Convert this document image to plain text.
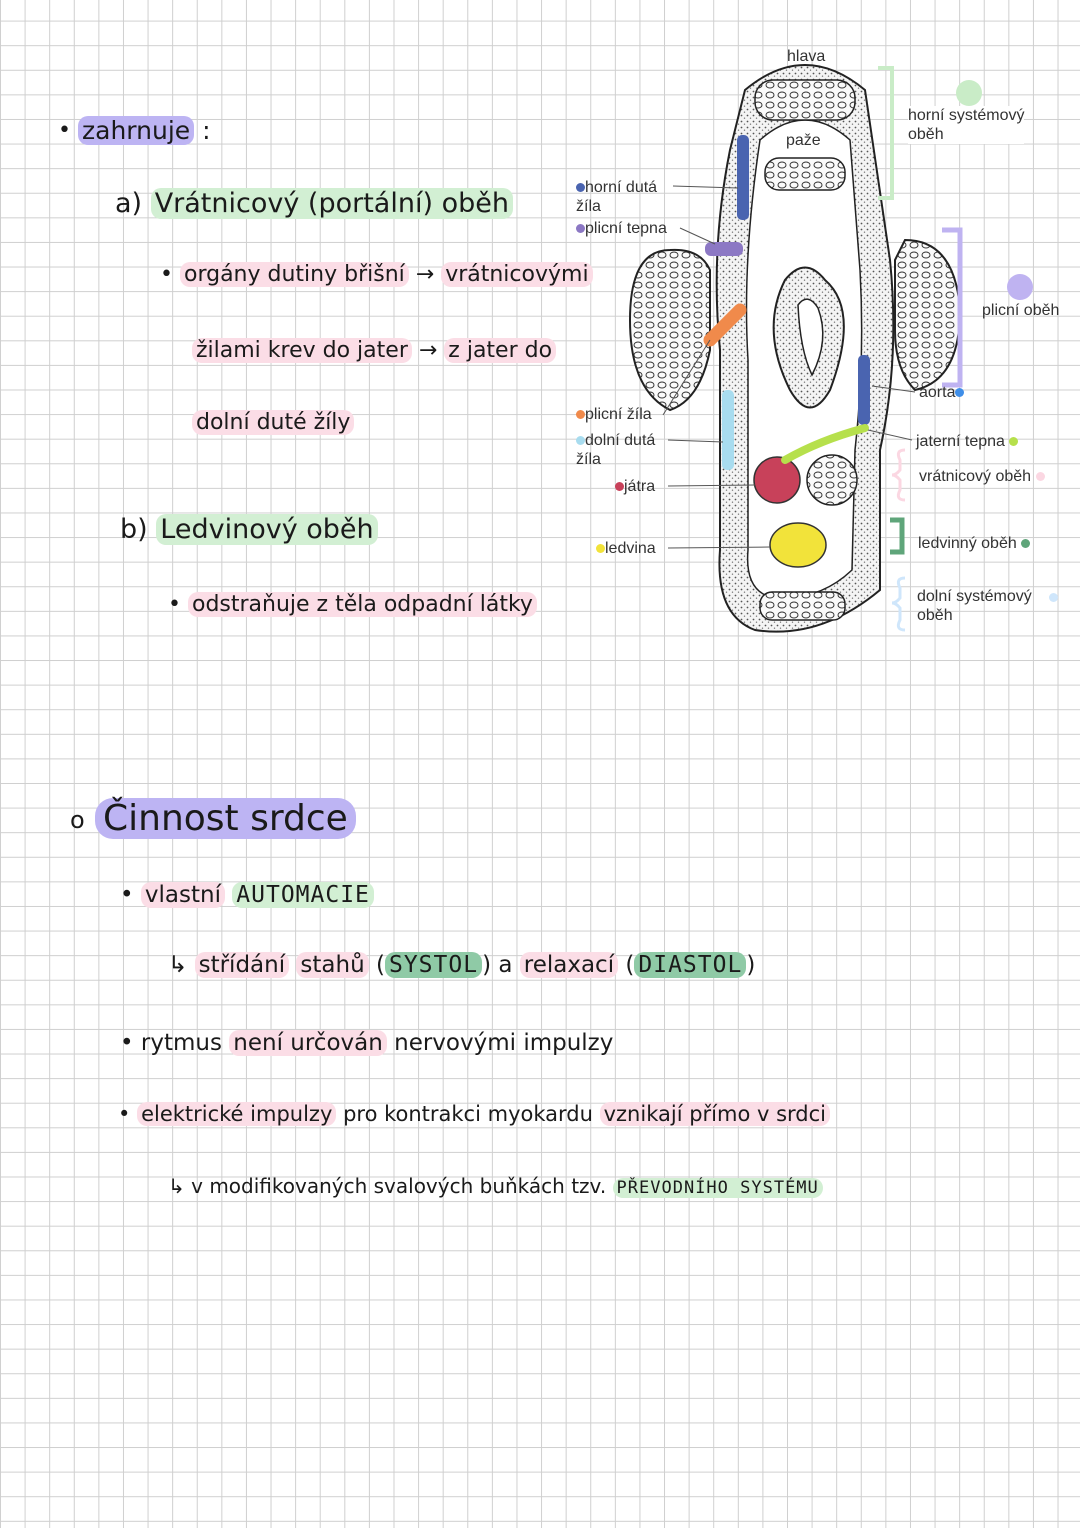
• zahrnuje :
a) Vrátnicový (portální) oběh
• orgány dutiny břišní → vrátnicovými
žilami krev do jater → z jater do
dolní duté žíly
b) Ledvinový oběh
• odstraňuje z těla odpadní látky
o Činnost srdce
• vlastní AUTOMACIE
↳ střídání stahů ( SYSTOL ) a relaxací ( DIASTOL )
• rytmus není určován nervovými impulzy
• elektrické impulzy pro kontrakci myokardu vznikají přímo v srdci
↳ v modifikovaných svalových buňkách tzv. PŘEVODNÍHO SYSTÉMU
hlava
paže
horní dutá
žíla
plicní tepna
plicní žíla
dolní dutá
žíla
játra
ledvina
horní systémový
oběh
plicní oběh
aorta
jaterní tepna
vrátnicový oběh
ledvinný oběh
dolní systémový
oběh
